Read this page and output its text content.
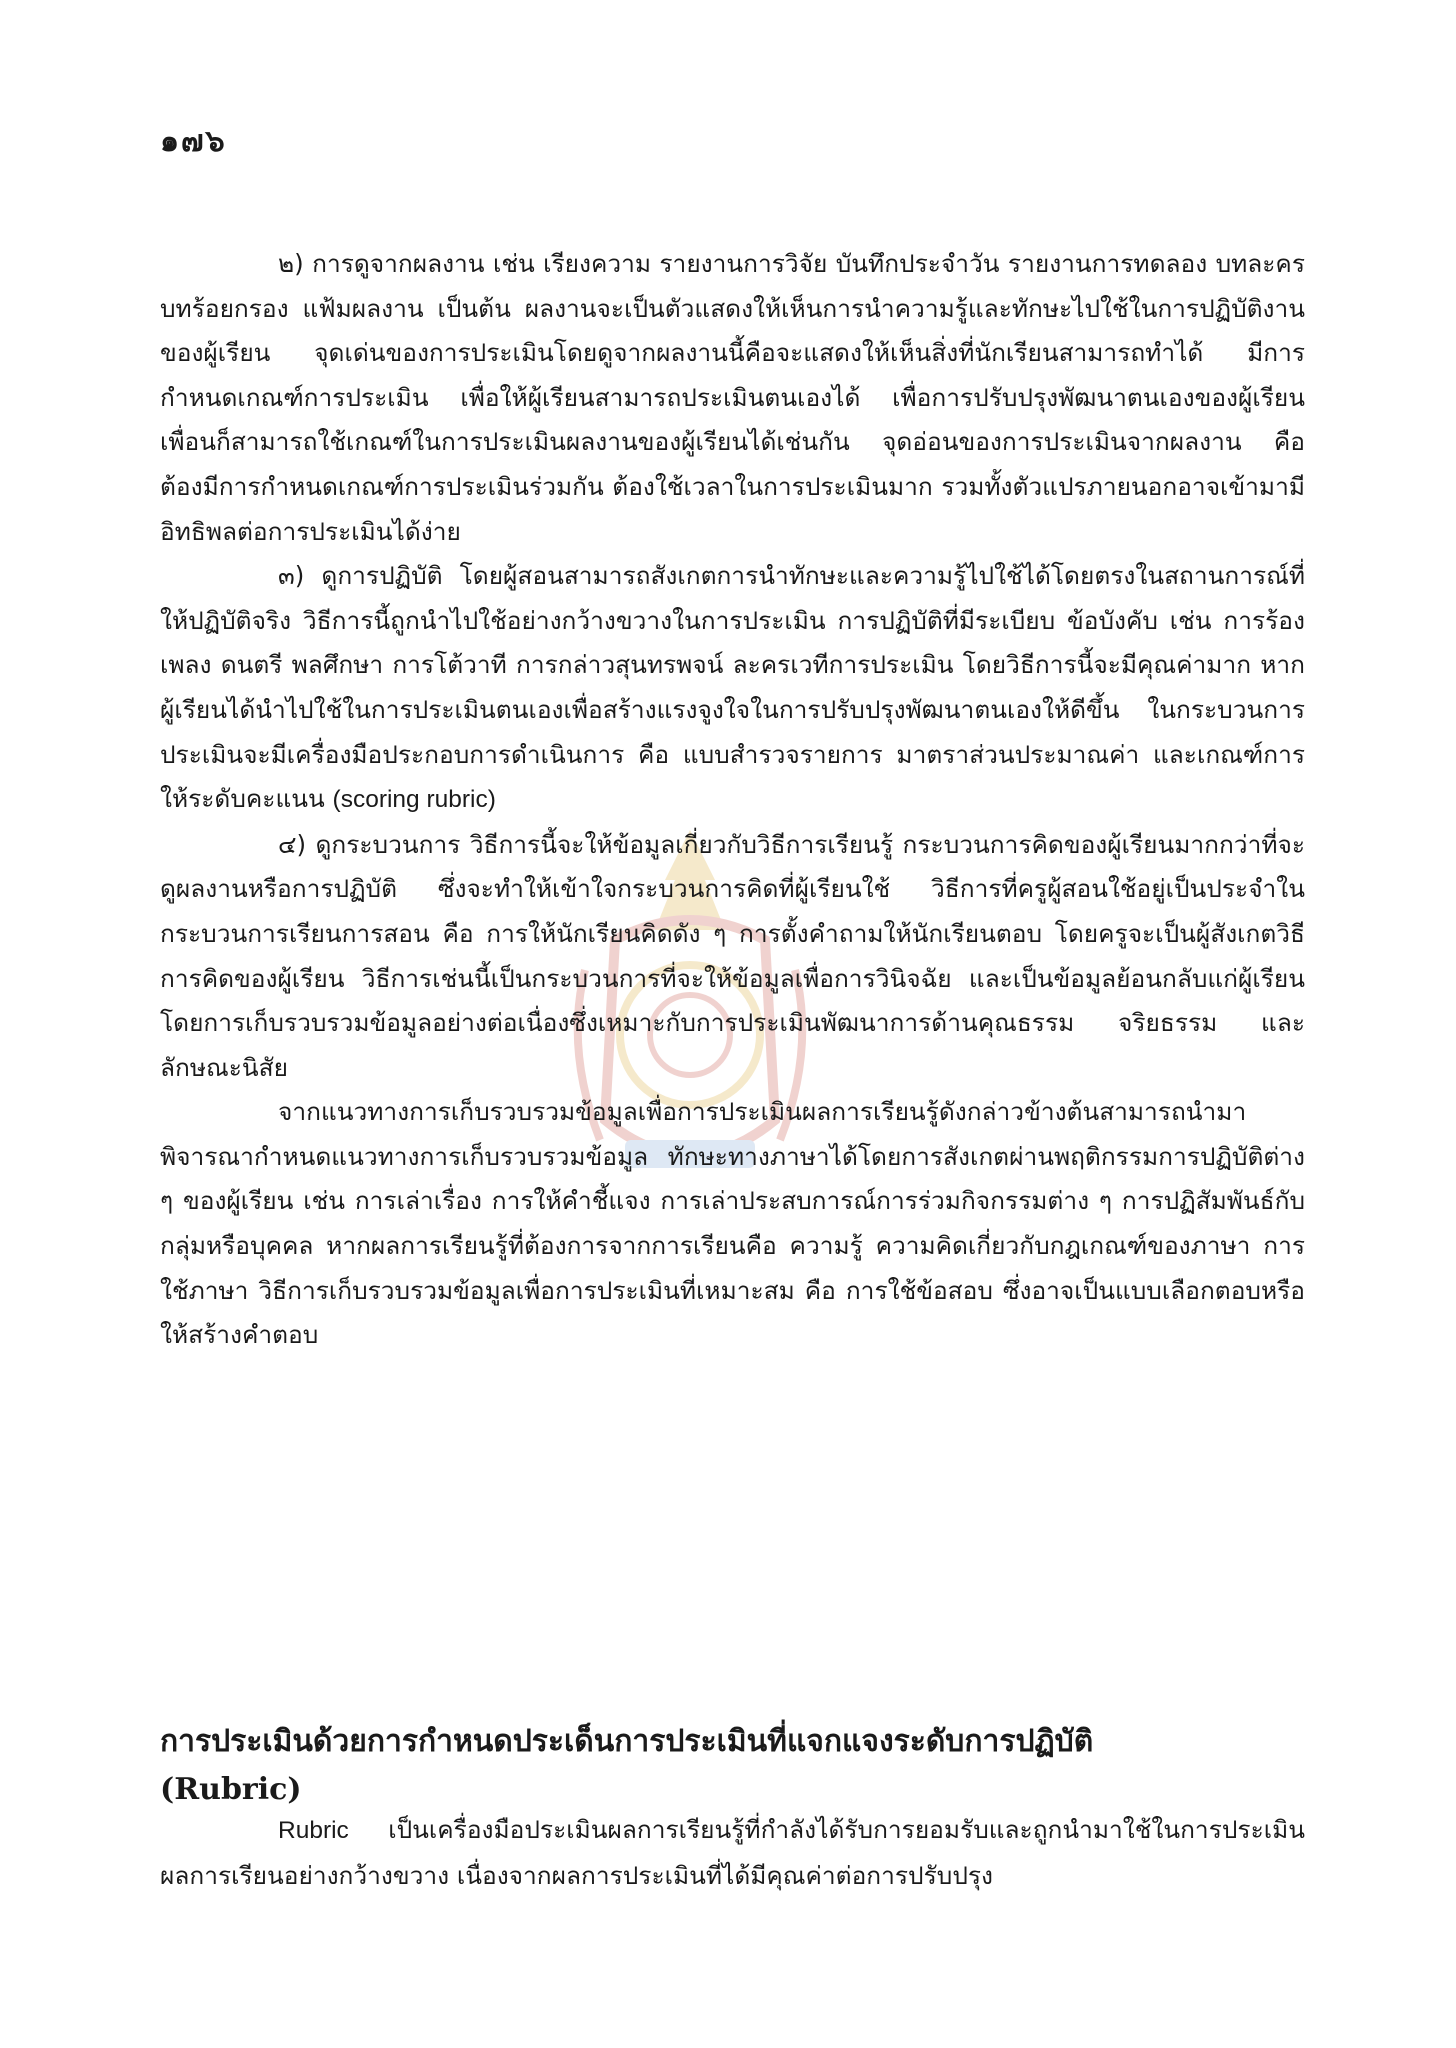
๑๗๖

๒) การดูจากผลงาน เช่น เรียงความ รายงานการวิจัย บันทึกประจำวัน รายงานการทดลอง บทละคร บทร้อยกรอง แฟ้มผลงาน เป็นต้น ผลงานจะเป็นตัวแสดงให้เห็นการนำความรู้และทักษะไปใช้ในการปฏิบัติงานของผู้เรียน จุดเด่นของการประเมินโดยดูจากผลงานนี้คือจะแสดงให้เห็นสิ่งที่นักเรียนสามารถทำได้ มีการกำหนดเกณฑ์การประเมิน เพื่อให้ผู้เรียนสามารถประเมินตนเองได้ เพื่อการปรับปรุงพัฒนาตนเองของผู้เรียน เพื่อนก็สามารถใช้เกณฑ์ในการประเมินผลงานของผู้เรียนได้เช่นกัน จุดอ่อนของการประเมินจากผลงาน คือ ต้องมีการกำหนดเกณฑ์การประเมินร่วมกัน ต้องใช้เวลาในการประเมินมาก รวมทั้งตัวแปรภายนอกอาจเข้ามามีอิทธิพลต่อการประเมินได้ง่าย

๓) ดูการปฏิบัติ โดยผู้สอนสามารถสังเกตการนำทักษะและความรู้ไปใช้ได้โดยตรงในสถานการณ์ที่ให้ปฏิบัติจริง วิธีการนี้ถูกนำไปใช้อย่างกว้างขวางในการประเมิน การปฏิบัติที่มีระเบียบ ข้อบังคับ เช่น การร้องเพลง ดนตรี พลศึกษา การโต้วาที การกล่าวสุนทรพจน์ ละครเวทีการประเมิน โดยวิธีการนี้จะมีคุณค่ามาก หากผู้เรียนได้นำไปใช้ในการประเมินตนเองเพื่อสร้างแรงจูงใจในการปรับปรุงพัฒนาตนเองให้ดีขึ้น ในกระบวนการประเมินจะมีเครื่องมือประกอบการดำเนินการ คือ แบบสำรวจรายการ มาตราส่วนประมาณค่า และเกณฑ์การให้ระดับคะแนน (scoring rubric)

๔) ดูกระบวนการ วิธีการนี้จะให้ข้อมูลเกี่ยวกับวิธีการเรียนรู้ กระบวนการคิดของผู้เรียนมากกว่าที่จะดูผลงานหรือการปฏิบัติ ซึ่งจะทำให้เข้าใจกระบวนการคิดที่ผู้เรียนใช้ วิธีการที่ครูผู้สอนใช้อยู่เป็นประจำในกระบวนการเรียนการสอน คือ การให้นักเรียนคิดดัง ๆ การตั้งคำถามให้นักเรียนตอบ โดยครูจะเป็นผู้สังเกตวิธีการคิดของผู้เรียน วิธีการเช่นนี้เป็นกระบวนการที่จะให้ข้อมูลเพื่อการวินิจฉัย และเป็นข้อมูลย้อนกลับแก่ผู้เรียน โดยการเก็บรวบรวมข้อมูลอย่างต่อเนื่องซึ่งเหมาะกับการประเมินพัฒนาการด้านคุณธรรม จริยธรรม และลักษณะนิสัย

จากแนวทางการเก็บรวบรวมข้อมูลเพื่อการประเมินผลการเรียนรู้ดังกล่าวข้างต้นสามารถนำมาพิจารณากำหนดแนวทางการเก็บรวบรวมข้อมูล ทักษะทางภาษาได้โดยการสังเกตผ่านพฤติกรรมการปฏิบัติต่าง ๆ ของผู้เรียน เช่น การเล่าเรื่อง การให้คำชี้แจง การเล่าประสบการณ์การร่วมกิจกรรมต่าง ๆ การปฏิสัมพันธ์กับกลุ่มหรือบุคคล หากผลการเรียนรู้ที่ต้องการจากการเรียนคือ ความรู้ ความคิดเกี่ยวกับกฎเกณฑ์ของภาษา การใช้ภาษา วิธีการเก็บรวบรวมข้อมูลเพื่อการประเมินที่เหมาะสม คือ การใช้ข้อสอบ ซึ่งอาจเป็นแบบเลือกตอบหรือให้สร้างคำตอบ

การประเมินด้วยการกำหนดประเด็นการประเมินที่แจกแจงระดับการปฏิบัติ
(Rubric)

Rubric เป็นเครื่องมือประเมินผลการเรียนรู้ที่กำลังได้รับการยอมรับและถูกนำมาใช้ในการประเมินผลการเรียนอย่างกว้างขวาง เนื่องจากผลการประเมินที่ได้มีคุณค่าต่อการปรับปรุง
